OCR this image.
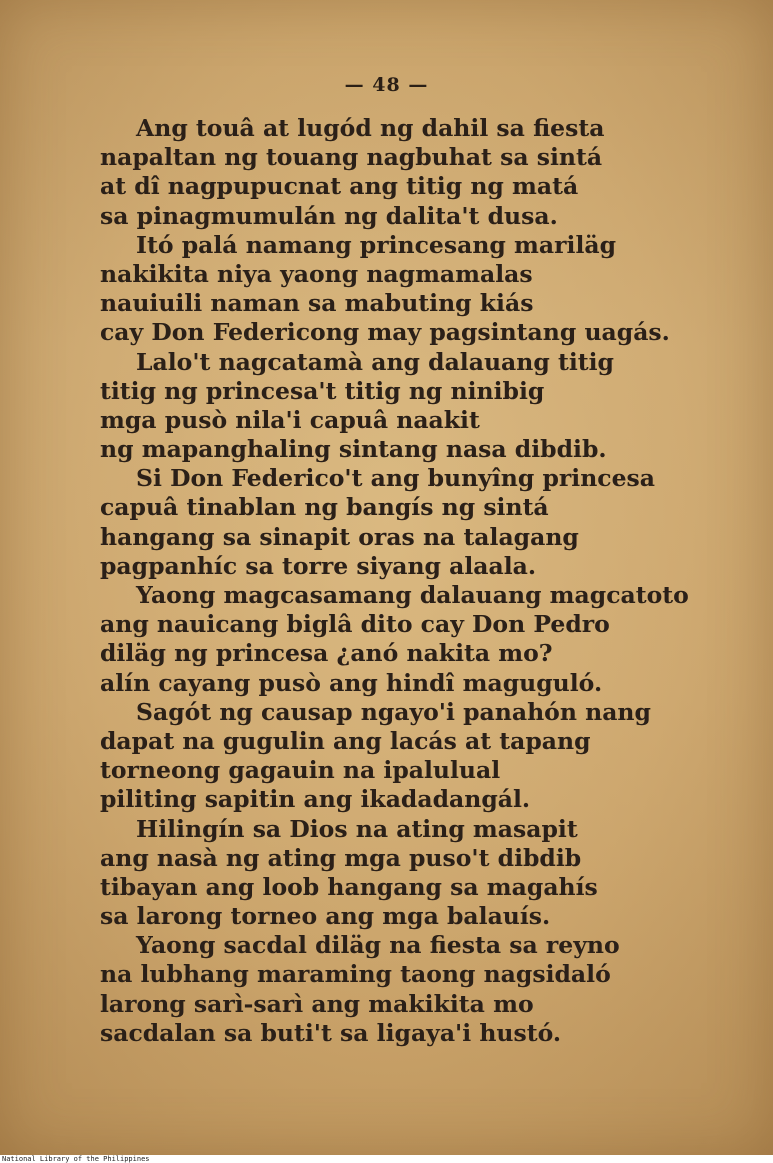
— 48 —
Ang touâ at lugód ng dahil sa fiesta
napaltan ng touang nagbuhat sa sintá
at dî nagpupucnat ang titig ng matá
sa pinagmumulán ng dalita't dusa.
Itó palá namang princesang mariläg
nakikita niya yaong nagmamalas
nauiuili naman sa mabuting kiás
cay Don Federicong may pagsintang uagás.
Lalo't nagcatamà ang dalauang titig
titig ng princesa't titig ng ninibig
mga pusò nila'i capuâ naakit
ng mapanghaling sintang nasa dibdib.
Si Don Federico't ang bunyîng princesa
capuâ tinablan ng bangís ng sintá
hangang sa sinapit oras na talagang
pagpanhíc sa torre siyang alaala.
Yaong magcasamang dalauang magcatoto
ang nauicang biglâ dito cay Don Pedro
diläg ng princesa ¿anó nakita mo?
alín cayang pusò ang hindî maguguló.
Sagót ng causap ngayo'i panahón nang
dapat na gugulin ang lacás at tapang
torneong gagauin na ipalulual
piliting sapitin ang ikadadangál.
Hilingín sa Dios na ating masapit
ang nasà ng ating mga puso't dibdib
tibayan ang loob hangang sa magahís
sa larong torneo ang mga balauís.
Yaong sacdal diläg na fiesta sa reyno
na lubhang maraming taong nagsidaló
larong sarì-sarì ang makikita mo
sacdalan sa buti't sa ligaya'i hustó.
National Library of the Philippines
